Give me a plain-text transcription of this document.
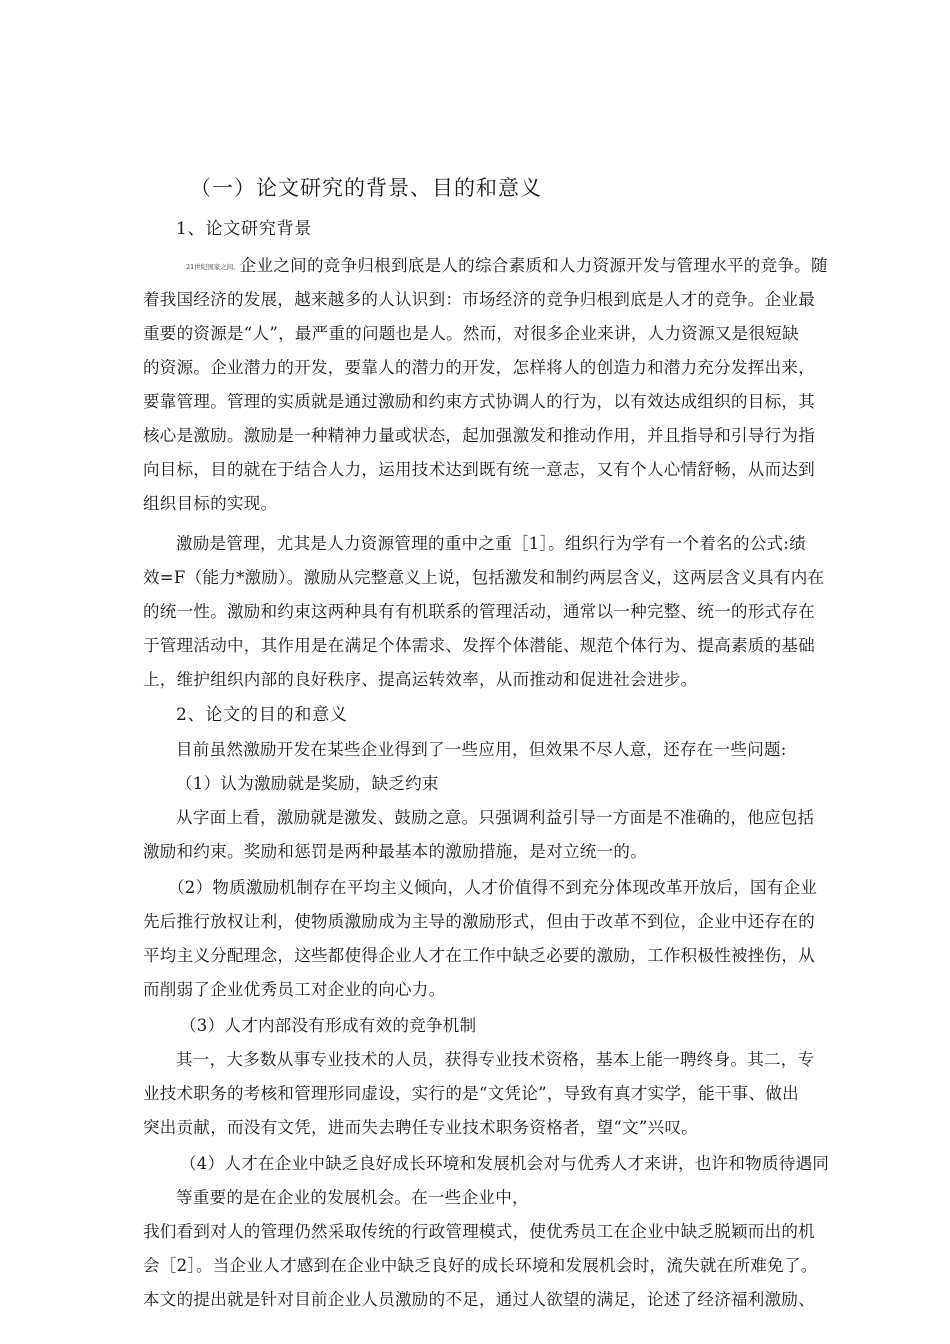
（一）论文研究的背景、目的和意义
1、论文研究背景
21世纪国家之间。企业之间的竞争归根到底是人的综合素质和人力资源开发与管理水平的竞争。随
着我国经济的发展，越来越多的人认识到：市场经济的竞争归根到底是人才的竞争。企业最
重要的资源是“人”，最严重的问题也是人。然而，对很多企业来讲，人力资源又是很短缺
的资源。企业潜力的开发，要靠人的潜力的开发，怎样将人的创造力和潜力充分发挥出来，
要靠管理。管理的实质就是通过激励和约束方式协调人的行为，以有效达成组织的目标，其
核心是激励。激励是一种精神力量或状态，起加强激发和推动作用，并且指导和引导行为指
向目标，目的就在于结合人力，运用技术达到既有统一意志，又有个人心情舒畅，从而达到
组织目标的实现。
激励是管理，尤其是人力资源管理的重中之重［1］。组织行为学有一个着名的公式:绩
效=F（能力*激励）。激励从完整意义上说，包括激发和制约两层含义，这两层含义具有内在
的统一性。激励和约束这两种具有有机联系的管理活动，通常以一种完整、统一的形式存在
于管理活动中，其作用是在满足个体需求、发挥个体潜能、规范个体行为、提高素质的基础
上，维护组织内部的良好秩序、提高运转效率，从而推动和促进社会进步。
2、论文的目的和意义
目前虽然激励开发在某些企业得到了一些应用，但效果不尽人意，还存在一些问题:
（1）认为激励就是奖励，缺乏约束
从字面上看，激励就是激发、鼓励之意。只强调利益引导一方面是不准确的，他应包括
激励和约束。奖励和惩罚是两种最基本的激励措施，是对立统一的。
（2）物质激励机制存在平均主义倾向，人才价值得不到充分体现改革开放后，国有企业
先后推行放权让利，使物质激励成为主导的激励形式，但由于改革不到位，企业中还存在的
平均主义分配理念，这些都使得企业人才在工作中缺乏必要的激励，工作积极性被挫伤，从
而削弱了企业优秀员工对企业的向心力。
（3）人才内部没有形成有效的竞争机制
其一，大多数从事专业技术的人员，获得专业技术资格，基本上能一聘终身。其二，专
业技术职务的考核和管理形同虚设，实行的是“文凭论”，导致有真才实学，能干事、做出
突出贡献，而没有文凭，进而失去聘任专业技术职务资格者，望“文”兴叹。
（4）人才在企业中缺乏良好成长环境和发展机会对与优秀人才来讲，也许和物质待遇同
等重要的是在企业的发展机会。在一些企业中，
我们看到对人的管理仍然采取传统的行政管理模式，使优秀员工在企业中缺乏脱颖而出的机
会［2］。当企业人才感到在企业中缺乏良好的成长环境和发展机会时，流失就在所难免了。
本文的提出就是针对目前企业人员激励的不足，通过人欲望的满足，论述了经济福利激励、
